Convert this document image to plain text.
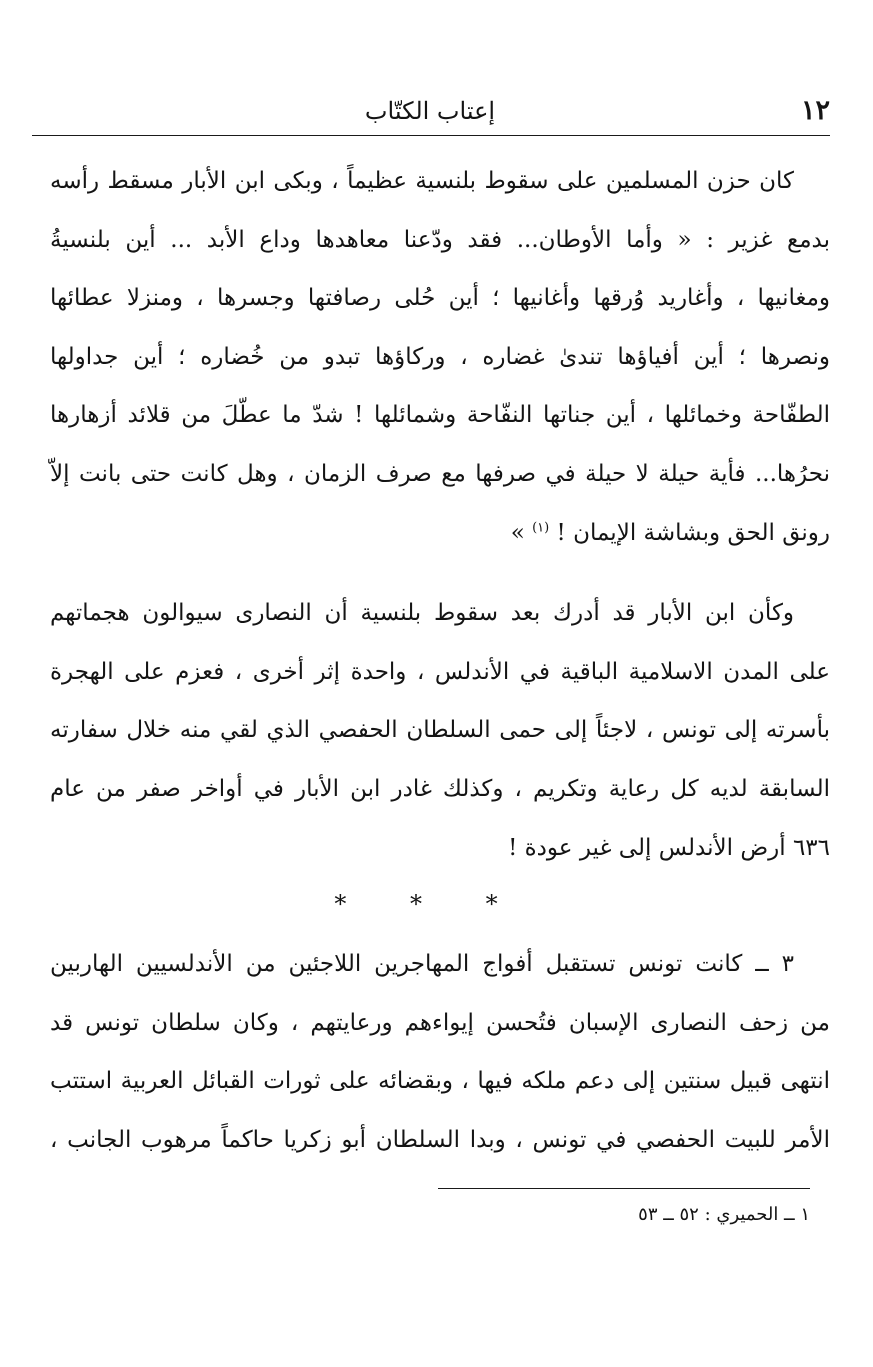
١٢
إعتاب الكتّاب
كان حزن المسلمين على سقوط بلنسية عظيماً ، وبكى ابن الأبار مسقط رأسه
بدمع غزير : « وأما الأوطان... فقد ودّعنا معاهدها وداع الأبد ... أين بلنسيةُ
ومغانيها ، وأغاريد وُرقها وأغانيها ؛ أين حُلى رصافتها وجسرها ، ومنزلا عطائها
ونصرها ؛ أين أفياؤها تندىٰ غضاره ، وركاؤها تبدو من خُضاره ؛ أين جداولها
الطفّاحة وخمائلها ، أين جناتها النفّاحة وشمائلها ! شدّ ما عطّلَ من قلائد أزهارها
نحرُها... فأية حيلة لا حيلة في صرفها مع صرف الزمان ، وهل كانت حتى بانت إلاّ
رونق الحق وبشاشة الإيمان ! $^{(١)}$ »
وكأن ابن الأبار قد أدرك بعد سقوط بلنسية أن النصارى سيوالون هجماتهم
على المدن الاسلامية الباقية في الأندلس ، واحدة إثر أخرى ، فعزم على الهجرة
بأسرته إلى تونس ، لاجئاً إلى حمى السلطان الحفصي الذي لقي منه خلال سفارته
السابقة لديه كل رعاية وتكريم ، وكذلك غادر ابن الأبار في أواخر صفر من عام
٦٣٦ أرض الأندلس إلى غير عودة !
* * *
٣ ــ كانت تونس تستقبل أفواج المهاجرين اللاجئين من الأندلسيين الهاربين
من زحف النصارى الإسبان فتُحسن إيواءهم ورعايتهم ، وكان سلطان تونس قد
انتهى قبيل سنتين إلى دعم ملكه فيها ، وبقضائه على ثورات القبائل العربية استتب
الأمر للبيت الحفصي في تونس ، وبدا السلطان أبو زكريا حاكماً مرهوب الجانب ،
١ ــ الحميري : ٥٢ ــ ٥٣
